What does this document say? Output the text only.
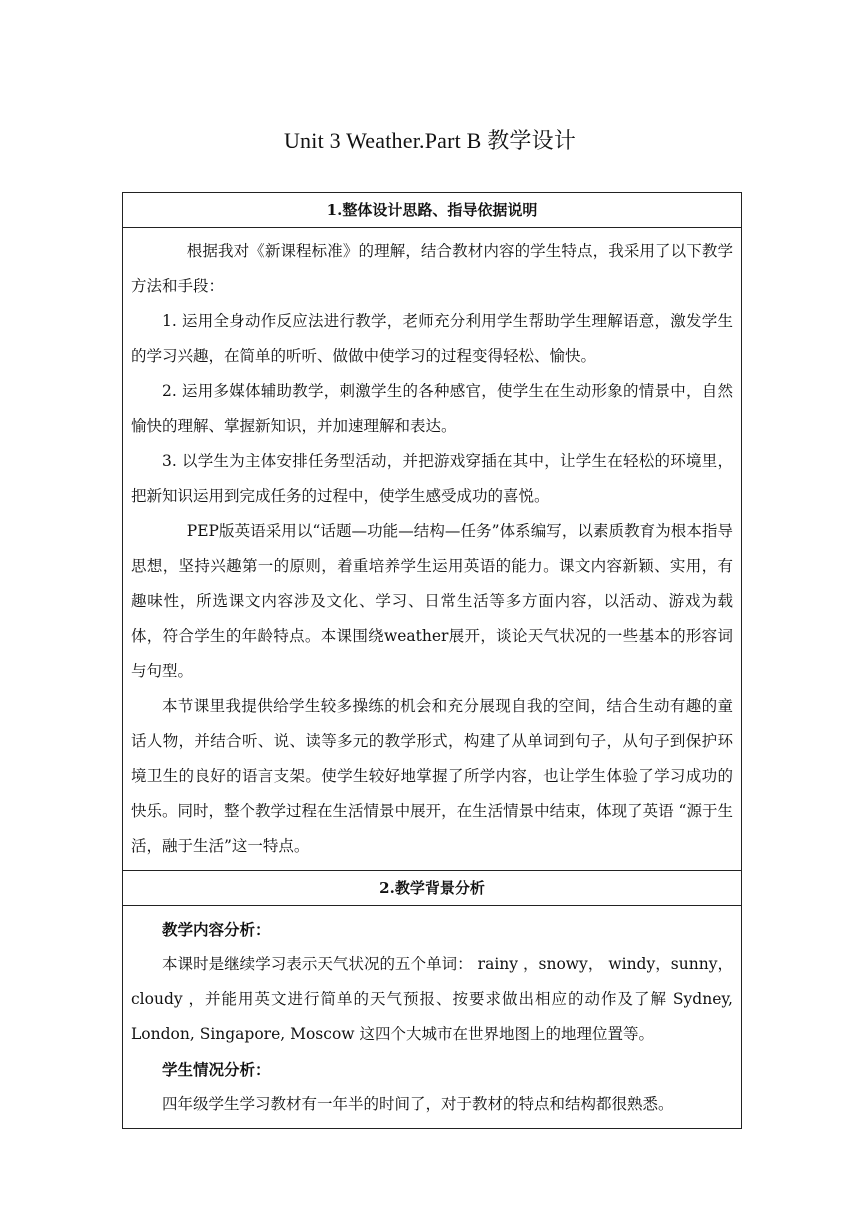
Unit 3 Weather.Part B 教学设计
1.整体设计思路、指导依据说明

根据我对《新课程标准》的理解，结合教材内容的学生特点，我采用了以下教学方法和手段：

1. 运用全身动作反应法进行教学，老师充分利用学生帮助学生理解语意，激发学生的学习兴趣，在简单的听听、做做中使学习的过程变得轻松、愉快。

2. 运用多媒体辅助教学，刺激学生的各种感官，使学生在生动形象的情景中，自然愉快的理解、掌握新知识，并加速理解和表达。

3. 以学生为主体安排任务型活动，并把游戏穿插在其中，让学生在轻松的环境里，把新知识运用到完成任务的过程中，使学生感受成功的喜悦。

PEP版英语采用以“话题—功能—结构—任务”体系编写，以素质教育为根本指导思想，坚持兴趣第一的原则，着重培养学生运用英语的能力。课文内容新颖、实用，有趣味性，所选课文内容涉及文化、学习、日常生活等多方面内容，以活动、游戏为载体，符合学生的年龄特点。本课围绕weather展开，谈论天气状况的一些基本的形容词与句型。

本节课里我提供给学生较多操练的机会和充分展现自我的空间，结合生动有趣的童话人物，并结合听、说、读等多元的教学形式，构建了从单词到句子，从句子到保护环境卫生的良好的语言支架。使学生较好地掌握了所学内容，也让学生体验了学习成功的快乐。同时，整个教学过程在生活情景中展开，在生活情景中结束，体现了英语 “源于生活，融于生活”这一特点。

2.教学背景分析

教学内容分析：

本课时是继续学习表示天气状况的五个单词： rainy ，snowy， windy，sunny， cloudy ，并能用英文进行简单的天气预报、按要求做出相应的动作及了解 Sydney, London, Singapore, Moscow 这四个大城市在世界地图上的地理位置等。

学生情况分析：

四年级学生学习教材有一年半的时间了，对于教材的特点和结构都很熟悉。
